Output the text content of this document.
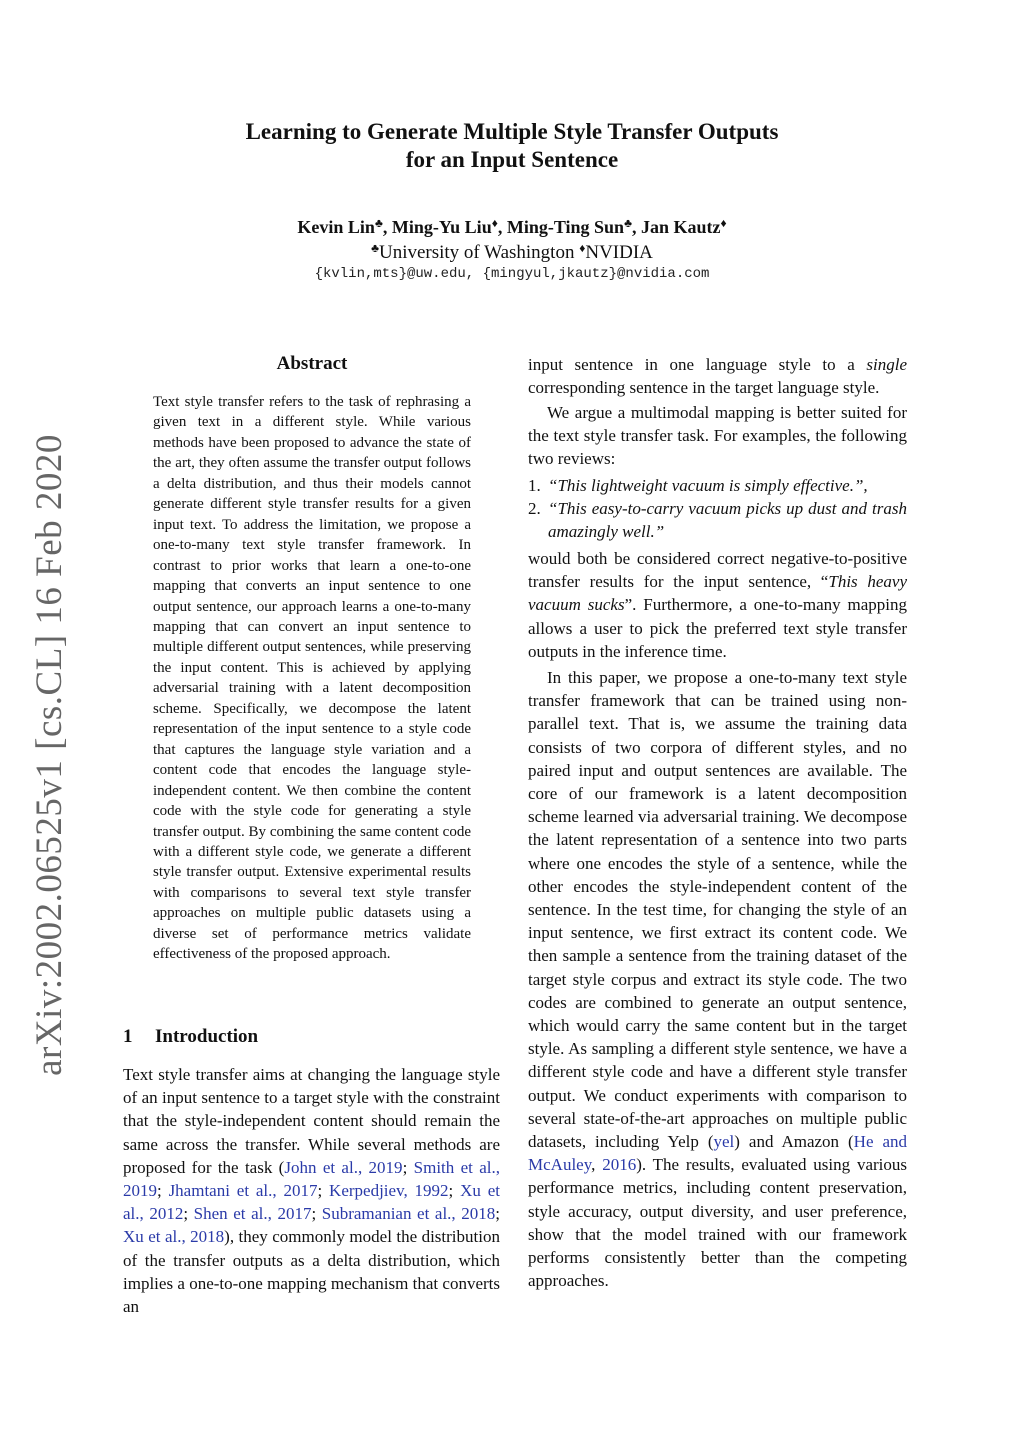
Learning to Generate Multiple Style Transfer Outputs
for an Input Sentence
Kevin Lin♣, Ming-Yu Liu♦, Ming-Ting Sun♣, Jan Kautz♦
♣University of Washington ♦NVIDIA
{kvlin,mts}@uw.edu, {mingyul,jkautz}@nvidia.com
arXiv:2002.06525v1 [cs.CL] 16 Feb 2020
Abstract
Text style transfer refers to the task of rephrasing a given text in a different style. While various methods have been proposed to advance the state of the art, they often assume the transfer output follows a delta distribution, and thus their models cannot generate different style transfer results for a given input text. To address the limitation, we propose a one-to-many text style transfer framework. In contrast to prior works that learn a one-to-one mapping that converts an input sentence to one output sentence, our approach learns a one-to-many mapping that can convert an input sentence to multiple different output sentences, while preserving the input content. This is achieved by applying adversarial training with a latent decomposition scheme. Specifically, we decompose the latent representation of the input sentence to a style code that captures the language style variation and a content code that encodes the language style-independent content. We then combine the content code with the style code for generating a style transfer output. By combining the same content code with a different style code, we generate a different style transfer output. Extensive experimental results with comparisons to several text style transfer approaches on multiple public datasets using a diverse set of performance metrics validate effectiveness of the proposed approach.
1 Introduction

Text style transfer aims at changing the language style of an input sentence to a target style with the constraint that the style-independent content should remain the same across the transfer. While several methods are proposed for the task (John et al., 2019; Smith et al., 2019; Jhamtani et al., 2017; Kerpedjiev, 1992; Xu et al., 2012; Shen et al., 2017; Subramanian et al., 2018; Xu et al., 2018), they commonly model the distribution of the transfer outputs as a delta distribution, which implies a one-to-one mapping mechanism that converts an

input sentence in one language style to a single corresponding sentence in the target language style.

We argue a multimodal mapping is better suited for the text style transfer task. For examples, the following two reviews:

1. “This lightweight vacuum is simply effective.”,
2. “This easy-to-carry vacuum picks up dust and trash amazingly well.”

would both be considered correct negative-to-positive transfer results for the input sentence, “This heavy vacuum sucks”. Furthermore, a one-to-many mapping allows a user to pick the preferred text style transfer outputs in the inference time.

In this paper, we propose a one-to-many text style transfer framework that can be trained using non-parallel text. That is, we assume the training data consists of two corpora of different styles, and no paired input and output sentences are available. The core of our framework is a latent decomposition scheme learned via adversarial training. We decompose the latent representation of a sentence into two parts where one encodes the style of a sentence, while the other encodes the style-independent content of the sentence. In the test time, for changing the style of an input sentence, we first extract its content code. We then sample a sentence from the training dataset of the target style corpus and extract its style code. The two codes are combined to generate an output sentence, which would carry the same content but in the target style. As sampling a different style sentence, we have a different style code and have a different style transfer output. We conduct experiments with comparison to several state-of-the-art approaches on multiple public datasets, including Yelp (yel) and Amazon (He and McAuley, 2016). The results, evaluated using various performance metrics, including content preservation, style accuracy, output diversity, and user preference, show that the model trained with our framework performs consistently better than the competing approaches.
